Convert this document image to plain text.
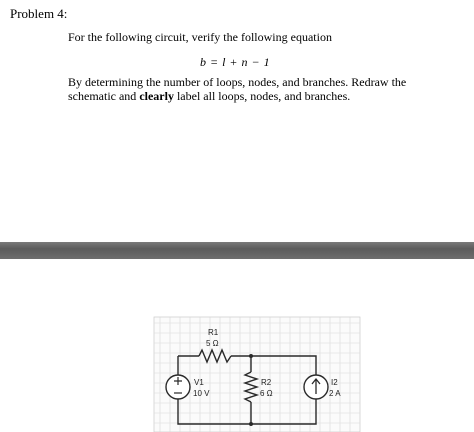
Problem 4:
For the following circuit, verify the following equation
b = l + n − 1
By determining the number of loops, nodes, and branches. Redraw the schematic and clearly label all loops, nodes, and branches.
R1
5 Ω
R2
6 Ω
V1
10 V
I2
2 A
